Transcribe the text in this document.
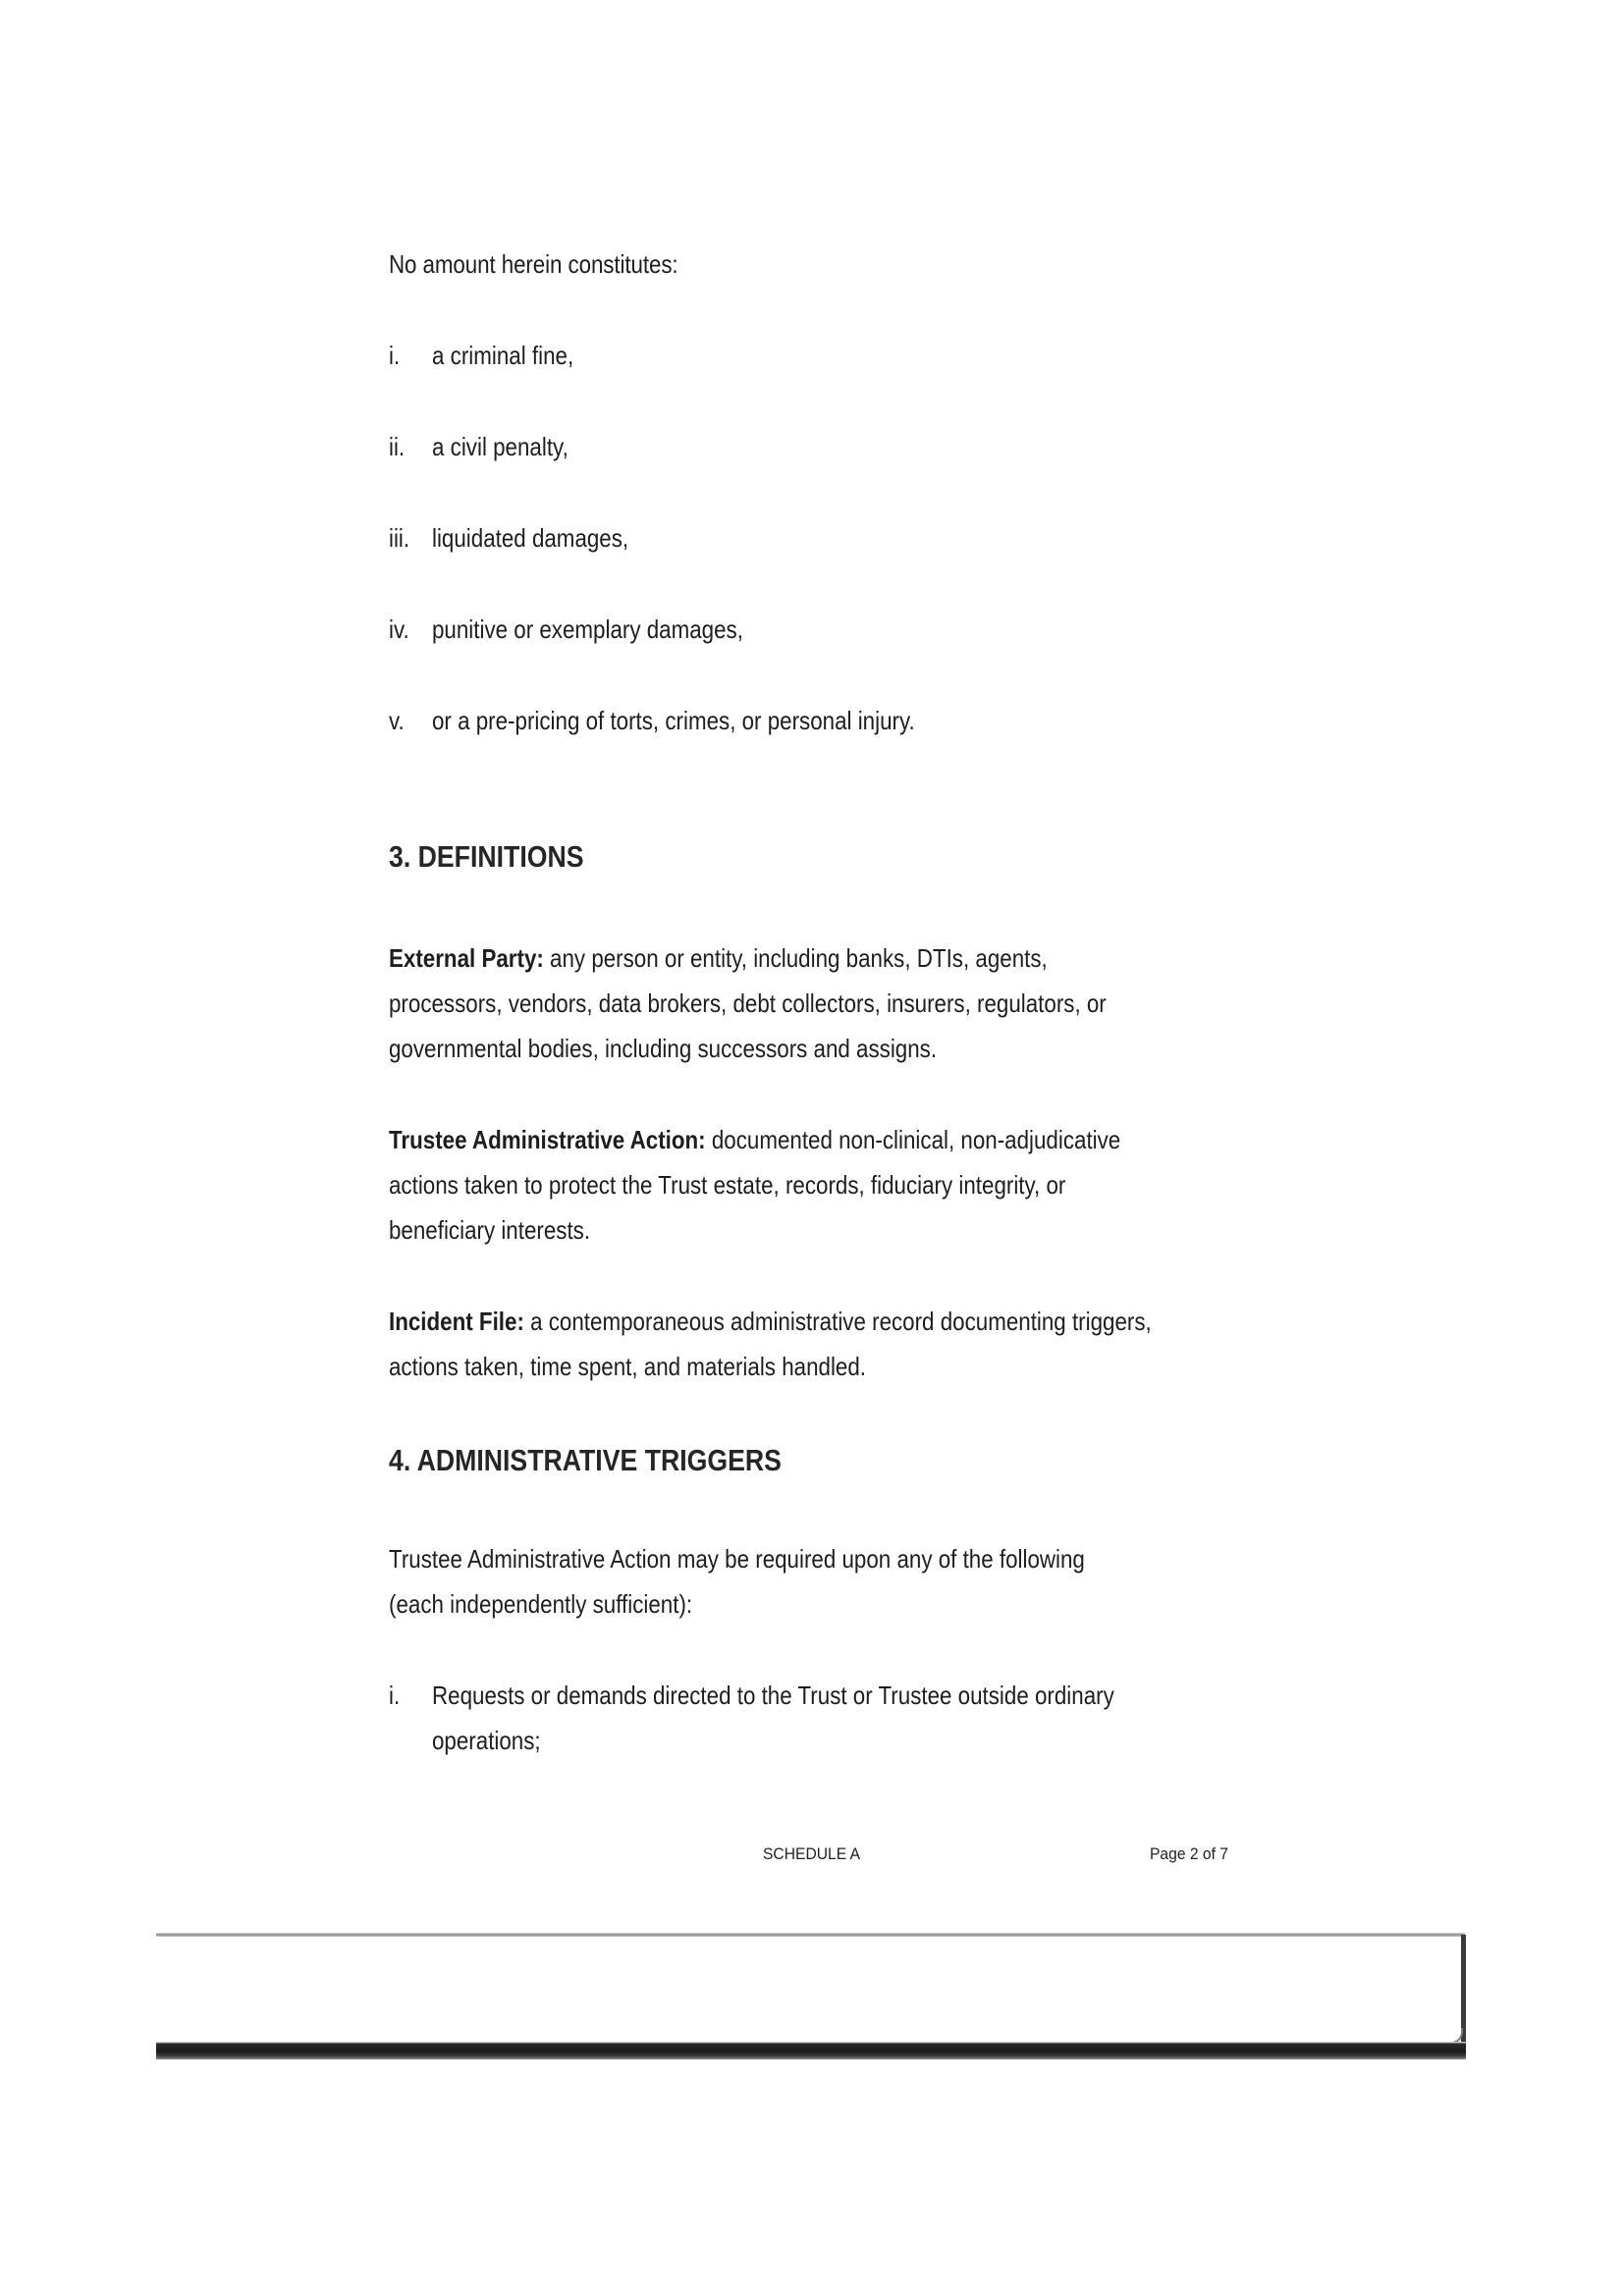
No amount herein constitutes:
i. a criminal fine,
ii. a civil penalty,
iii. liquidated damages,
iv. punitive or exemplary damages,
v. or a pre-pricing of torts, crimes, or personal injury.
3. DEFINITIONS
External Party: any person or entity, including banks, DTIs, agents,
processors, vendors, data brokers, debt collectors, insurers, regulators, or
governmental bodies, including successors and assigns.
Trustee Administrative Action: documented non-clinical, non-adjudicative
actions taken to protect the Trust estate, records, fiduciary integrity, or
beneficiary interests.
Incident File: a contemporaneous administrative record documenting triggers,
actions taken, time spent, and materials handled.
4. ADMINISTRATIVE TRIGGERS
Trustee Administrative Action may be required upon any of the following
(each independently sufficient):
i. Requests or demands directed to the Trust or Trustee outside ordinary
operations;
SCHEDULE A	Page 2 of 7
